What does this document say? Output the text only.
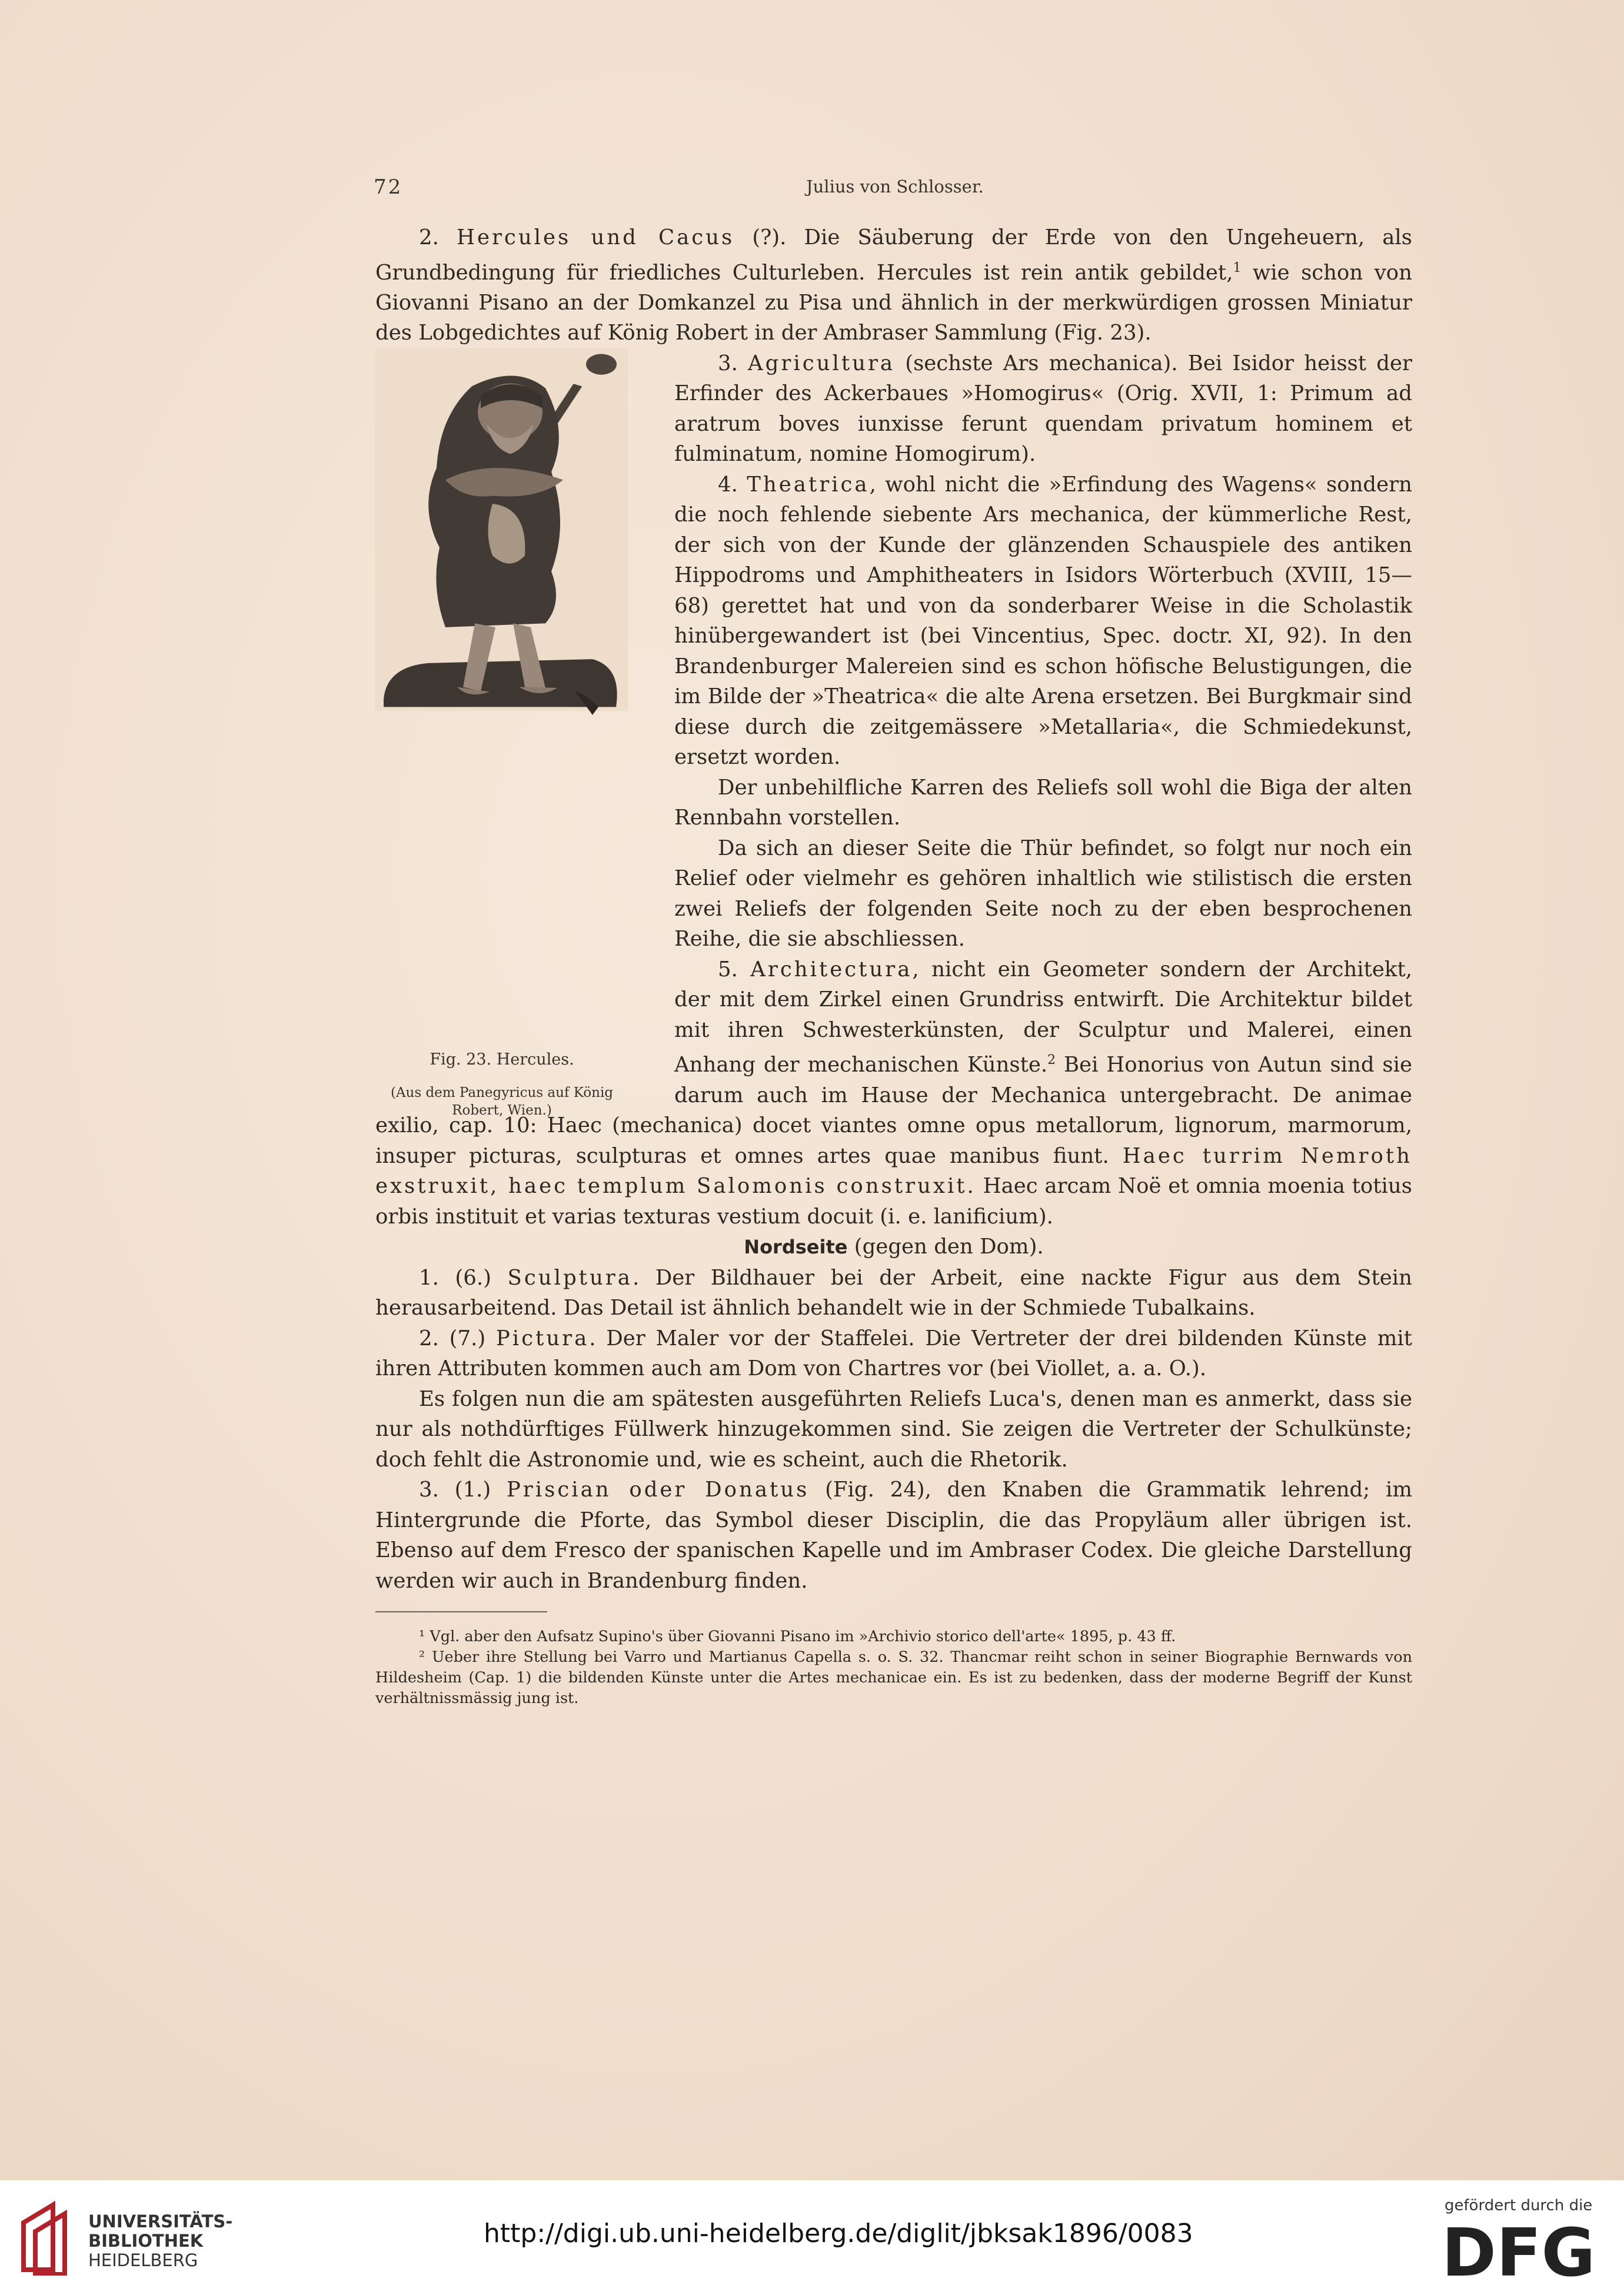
72	Julius von Schlosser.

2. Hercules und Cacus (?). Die Säuberung der Erde von den Ungeheuern, als Grundbedingung für friedliches Culturleben. Hercules ist rein antik gebildet,$^1$ wie schon von Giovanni Pisano an der Domkanzel zu Pisa und ähnlich in der merkwürdigen grossen Miniatur des Lobgedichtes auf König Robert in der Ambraser Sammlung (Fig. 23).

Fig. 23. Hercules.
(Aus dem Panegyricus auf König Robert, Wien.)

3. Agricultura (sechste Ars mechanica). Bei Isidor heisst der Erfinder des Ackerbaues »Homogirus« (Orig. XVII, 1: Primum ad aratrum boves iunxisse ferunt quendam privatum hominem et fulminatum, nomine Homogirum).

4. Theatrica, wohl nicht die »Erfindung des Wagens« sondern die noch fehlende siebente Ars mechanica, der kümmerliche Rest, der sich von der Kunde der glänzenden Schauspiele des antiken Hippodroms und Amphitheaters in Isidors Wörterbuch (XVIII, 15—68) gerettet hat und von da sonderbarer Weise in die Scholastik hinübergewandert ist (bei Vincentius, Spec. doctr. XI, 92). In den Brandenburger Malereien sind es schon höfische Belustigungen, die im Bilde der »Theatrica« die alte Arena ersetzen. Bei Burgkmair sind diese durch die zeitgemässere »Metallaria«, die Schmiedekunst, ersetzt worden.

Der unbehilfliche Karren des Reliefs soll wohl die Biga der alten Rennbahn vorstellen.

Da sich an dieser Seite die Thür befindet, so folgt nur noch ein Relief oder vielmehr es gehören inhaltlich wie stilistisch die ersten zwei Reliefs der folgenden Seite noch zu der eben besprochenen Reihe, die sie abschliessen.

5. Architectura, nicht ein Geometer sondern der Architekt, der mit dem Zirkel einen Grundriss entwirft. Die Architektur bildet mit ihren Schwesterkünsten, der Sculptur und Malerei, einen Anhang der mechanischen Künste.$^2$ Bei Honorius von Autun sind sie darum auch im Hause der Mechanica untergebracht. De animae exilio, cap. 10: Haec (mechanica) docet viantes omne opus metallorum, lignorum, marmorum, insuper picturas, sculpturas et omnes artes quae manibus fiunt. Haec turrim Nemroth exstruxit, haec templum Salomonis construxit. Haec arcam Noë et omnia moenia totius orbis instituit et varias texturas vestium docuit (i. e. lanificium).

Nordseite (gegen den Dom).

1. (6.) Sculptura. Der Bildhauer bei der Arbeit, eine nackte Figur aus dem Stein herausarbeitend. Das Detail ist ähnlich behandelt wie in der Schmiede Tubalkains.

2. (7.) Pictura. Der Maler vor der Staffelei. Die Vertreter der drei bildenden Künste mit ihren Attributen kommen auch am Dom von Chartres vor (bei Viollet, a. a. O.).

Es folgen nun die am spätesten ausgeführten Reliefs Luca's, denen man es anmerkt, dass sie nur als nothdürftiges Füllwerk hinzugekommen sind. Sie zeigen die Vertreter der Schulkünste; doch fehlt die Astronomie und, wie es scheint, auch die Rhetorik.

3. (1.) Priscian oder Donatus (Fig. 24), den Knaben die Grammatik lehrend; im Hintergrunde die Pforte, das Symbol dieser Disciplin, die das Propyläum aller übrigen ist. Ebenso auf dem Fresco der spanischen Kapelle und im Ambraser Codex. Die gleiche Darstellung werden wir auch in Brandenburg finden.

¹ Vgl. aber den Aufsatz Supino's über Giovanni Pisano im »Archivio storico dell'arte« 1895, p. 43 ff.

² Ueber ihre Stellung bei Varro und Martianus Capella s. o. S. 32. Thancmar reiht schon in seiner Biographie Bernwards von Hildesheim (Cap. 1) die bildenden Künste unter die Artes mechanicae ein. Es ist zu bedenken, dass der moderne Begriff der Kunst verhältnissmässig jung ist.

UNIVERSITÄTS-
BIBLIOTHEK
HEIDELBERG
http://digi.ub.uni-heidelberg.de/diglit/jbksak1896/0083
gefördert durch die
DFG
